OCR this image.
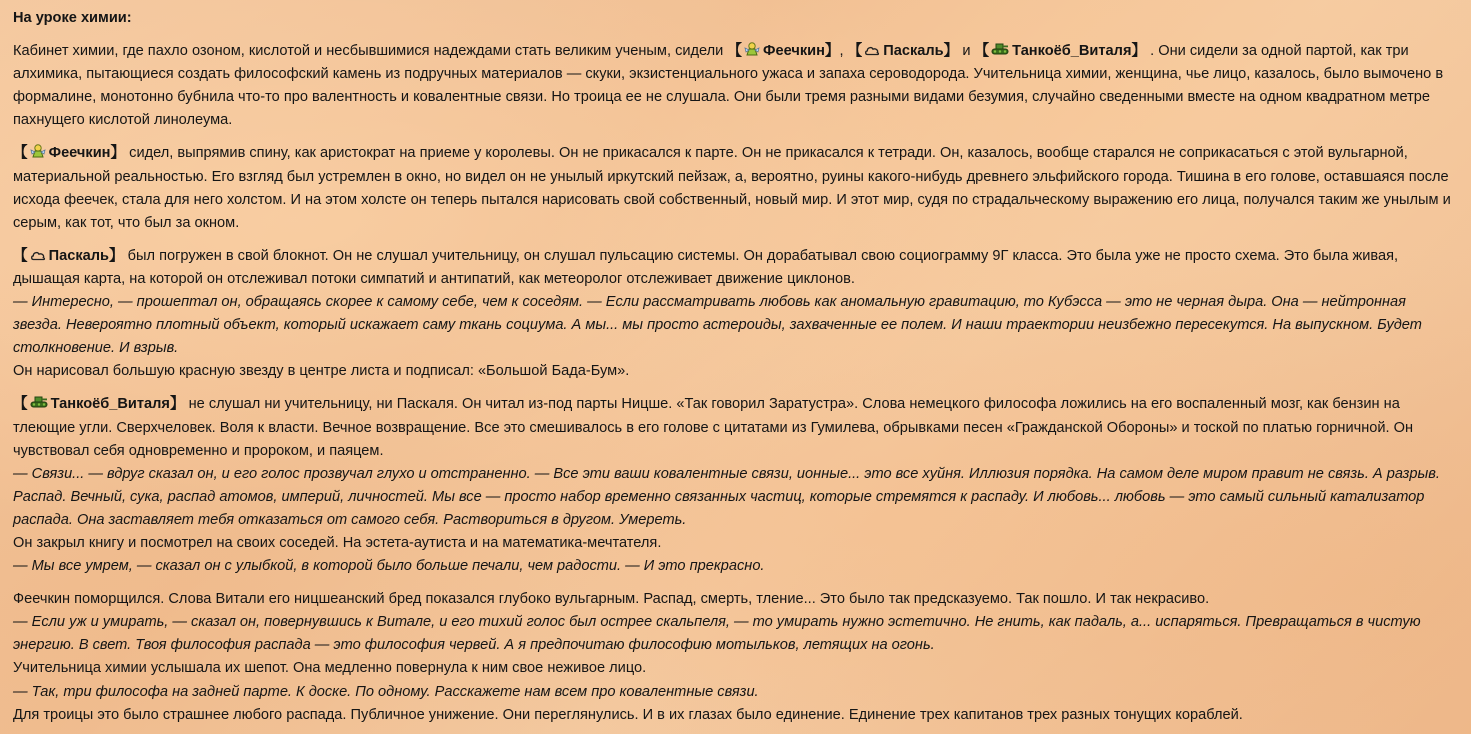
На уроке химии:
Кабинет химии, где пахло озоном, кислотой и несбывшимися надеждами стать великим ученым, сидели 【 Феечкин】, 【 Паскаль】 и 【 Танкоёб_Виталя】 . Они сидели за одной партой, как три алхимика, пытающиеся создать философский камень из подручных материалов — скуки, экзистенциального ужаса и запаха сероводорода. Учительница химии, женщина, чье лицо, казалось, было вымочено в формалине, монотонно бубнила что-то про валентность и ковалентные связи. Но троица ее не слушала. Они были тремя разными видами безумия, случайно сведенными вместе на одном квадратном метре пахнущего кислотой линолеума.
【 Феечкин】 сидел, выпрямив спину, как аристократ на приеме у королевы. Он не прикасался к парте. Он не прикасался к тетради. Он, казалось, вообще старался не соприкасаться с этой вульгарной, материальной реальностью. Его взгляд был устремлен в окно, но видел он не унылый иркутский пейзаж, а, вероятно, руины какого-нибудь древнего эльфийского города. Тишина в его голове, оставшаяся после исхода феечек, стала для него холстом. И на этом холсте он теперь пытался нарисовать свой собственный, новый мир. И этот мир, судя по страдальческому выражению его лица, получался таким же унылым и серым, как тот, что был за окном.
【 Паскаль】 был погружен в свой блокнот. Он не слушал учительницу, он слушал пульсацию системы. Он дорабатывал свою социограмму 9Г класса. Это была уже не просто схема. Это была живая, дышащая карта, на которой он отслеживал потоки симпатий и антипатий, как метеоролог отслеживает движение циклонов.
— Интересно, — прошептал он, обращаясь скорее к самому себе, чем к соседям. — Если рассматривать любовь как аномальную гравитацию, то Кубэсса — это не черная дыра. Она — нейтронная звезда. Невероятно плотный объект, который искажает саму ткань социума. А мы... мы просто астероиды, захваченные ее полем. И наши траектории неизбежно пересекутся. На выпускном. Будет столкновение. И взрыв.
Он нарисовал большую красную звезду в центре листа и подписал: «Большой Бада-Бум».
【 Танкоёб_Виталя】 не слушал ни учительницу, ни Паскаля. Он читал из-под парты Ницше. «Так говорил Заратустра». Слова немецкого философа ложились на его воспаленный мозг, как бензин на тлеющие угли. Сверхчеловек. Воля к власти. Вечное возвращение. Все это смешивалось в его голове с цитатами из Гумилева, обрывками песен «Гражданской Обороны» и тоской по платью горничной. Он чувствовал себя одновременно и пророком, и паяцем.
— Связи... — вдруг сказал он, и его голос прозвучал глухо и отстраненно. — Все эти ваши ковалентные связи, ионные... это все хуйня. Иллюзия порядка. На самом деле миром правит не связь. А разрыв. Распад. Вечный, сука, распад атомов, империй, личностей. Мы все — просто набор временно связанных частиц, которые стремятся к распаду. И любовь... любовь — это самый сильный катализатор распада. Она заставляет тебя отказаться от самого себя. Раствориться в другом. Умереть.
Он закрыл книгу и посмотрел на своих соседей. На эстета-аутиста и на математика-мечтателя.
— Мы все умрем, — сказал он с улыбкой, в которой было больше печали, чем радости. — И это прекрасно.
Феечкин поморщился. Слова Витали его ницшеанский бред показался глубоко вульгарным. Распад, смерть, тление... Это было так предсказуемо. Так пошло. И так некрасиво.
— Если уж и умирать, — сказал он, повернувшись к Витале, и его тихий голос был острее скальпеля, — то умирать нужно эстетично. Не гнить, как падаль, а... испаряться. Превращаться в чистую энергию. В свет. Твоя философия распада — это философия червей. А я предпочитаю философию мотыльков, летящих на огонь.
Учительница химии услышала их шепот. Она медленно повернула к ним свое неживое лицо.
— Так, три философа на задней парте. К доске. По одному. Расскажете нам всем про ковалентные связи.
Для троицы это было страшнее любого распада. Публичное унижение. Они переглянулись. И в их глазах было единение. Единение трех капитанов трех разных тонущих кораблей.
